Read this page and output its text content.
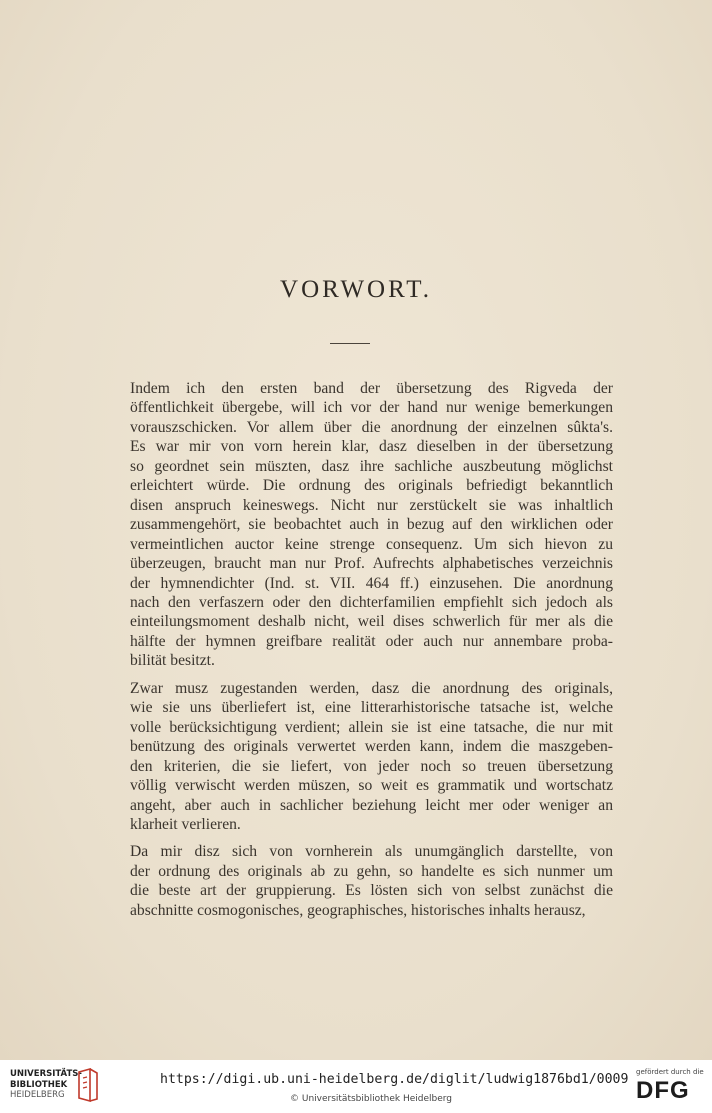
VORWORT.
Indem ich den ersten band der übersetzung des Rigveda der
öffentlichkeit übergebe, will ich vor der hand nur wenige bemerkungen
vorauszschicken. Vor allem über die anordnung der einzelnen sûkta's.
Es war mir von vorn herein klar, dasz dieselben in der übersetzung
so geordnet sein müszten, dasz ihre sachliche auszbeutung möglichst
erleichtert würde. Die ordnung des originals befriedigt bekanntlich
disen anspruch keineswegs. Nicht nur zerstückelt sie was inhaltlich
zusammengehört, sie beobachtet auch in bezug auf den wirklichen oder
vermeintlichen auctor keine strenge consequenz. Um sich hievon zu
überzeugen, braucht man nur Prof. Aufrechts alphabetisches verzeichnis
der hymnendichter (Ind. st. VII. 464 ff.) einzusehen. Die anordnung
nach den verfaszern oder den dichterfamilien empfiehlt sich jedoch als
einteilungsmoment deshalb nicht, weil dises schwerlich für mer als die
hälfte der hymnen greifbare realität oder auch nur annembare proba-
bilität besitzt.
Zwar musz zugestanden werden, dasz die anordnung des originals,
wie sie uns überliefert ist, eine litterarhistorische tatsache ist, welche
volle berücksichtigung verdient; allein sie ist eine tatsache, die nur mit
benützung des originals verwertet werden kann, indem die maszgeben-
den kriterien, die sie liefert, von jeder noch so treuen übersetzung
völlig verwischt werden müszen, so weit es grammatik und wortschatz
angeht, aber auch in sachlicher beziehung leicht mer oder weniger an
klarheit verlieren.
Da mir disz sich von vornherein als unumgänglich darstellte, von
der ordnung des originals ab zu gehn, so handelte es sich nunmer um
die beste art der gruppierung. Es lösten sich von selbst zunächst die
abschnitte cosmogonisches, geographisches, historisches inhalts herausz,
UNIVERSITÄTS-
BIBLIOTHEK
HEIDELBERG
https://digi.ub.uni-heidelberg.de/diglit/ludwig1876bd1/0009
© Universitätsbibliothek Heidelberg
gefördert durch die
DFG
